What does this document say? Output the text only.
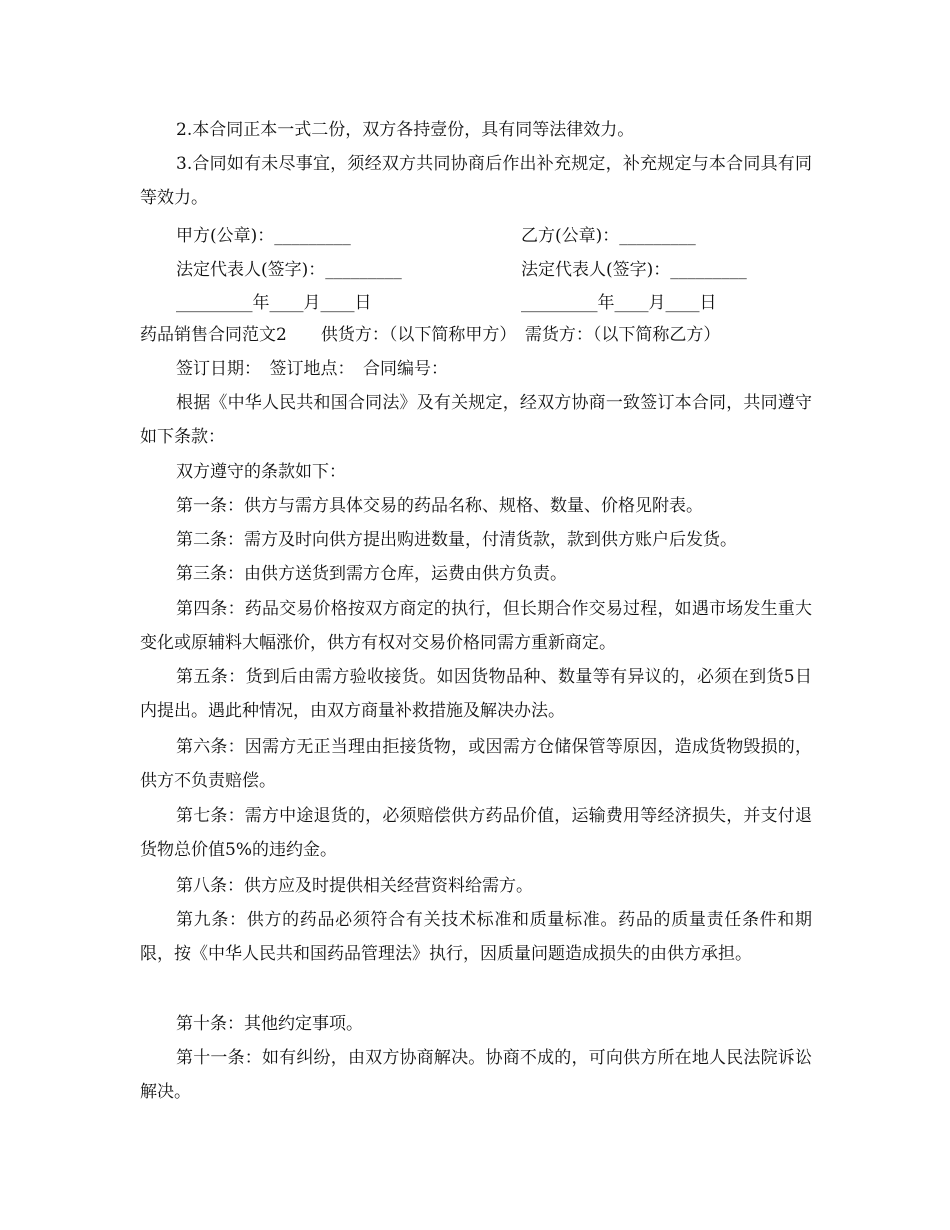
2.本合同正本一式二份，双方各持壹份，具有同等法律效力。

3.合同如有未尽事宜，须经双方共同协商后作出补充规定，补充规定与本合同具有同等效力。

甲方(公章)：_________	乙方(公章)：_________

法定代表人(签字)：_________	法定代表人(签字)：_________

_________年____月____日	_________年____月____日

药品销售合同范文2　　供货方：（以下简称甲方）　需货方：（以下简称乙方）

签订日期：　签订地点：　合同编号：

根据《中华人民共和国合同法》及有关规定，经双方协商一致签订本合同，共同遵守如下条款：

双方遵守的条款如下：

第一条：供方与需方具体交易的药品名称、规格、数量、价格见附表。

第二条：需方及时向供方提出购进数量，付清货款，款到供方账户后发货。

第三条：由供方送货到需方仓库，运费由供方负责。

第四条：药品交易价格按双方商定的执行，但长期合作交易过程，如遇市场发生重大变化或原辅料大幅涨价，供方有权对交易价格同需方重新商定。

第五条：货到后由需方验收接货。如因货物品种、数量等有异议的，必须在到货5日内提出。遇此种情况，由双方商量补救措施及解决办法。

第六条：因需方无正当理由拒接货物，或因需方仓储保管等原因，造成货物毁损的，供方不负责赔偿。

第七条：需方中途退货的，必须赔偿供方药品价值，运输费用等经济损失，并支付退货物总价值5%的违约金。

第八条：供方应及时提供相关经营资料给需方。

第九条：供方的药品必须符合有关技术标准和质量标准。药品的质量责任条件和期限，按《中华人民共和国药品管理法》执行，因质量问题造成损失的由供方承担。

第十条：其他约定事项。

第十一条：如有纠纷，由双方协商解决。协商不成的，可向供方所在地人民法院诉讼解决。
